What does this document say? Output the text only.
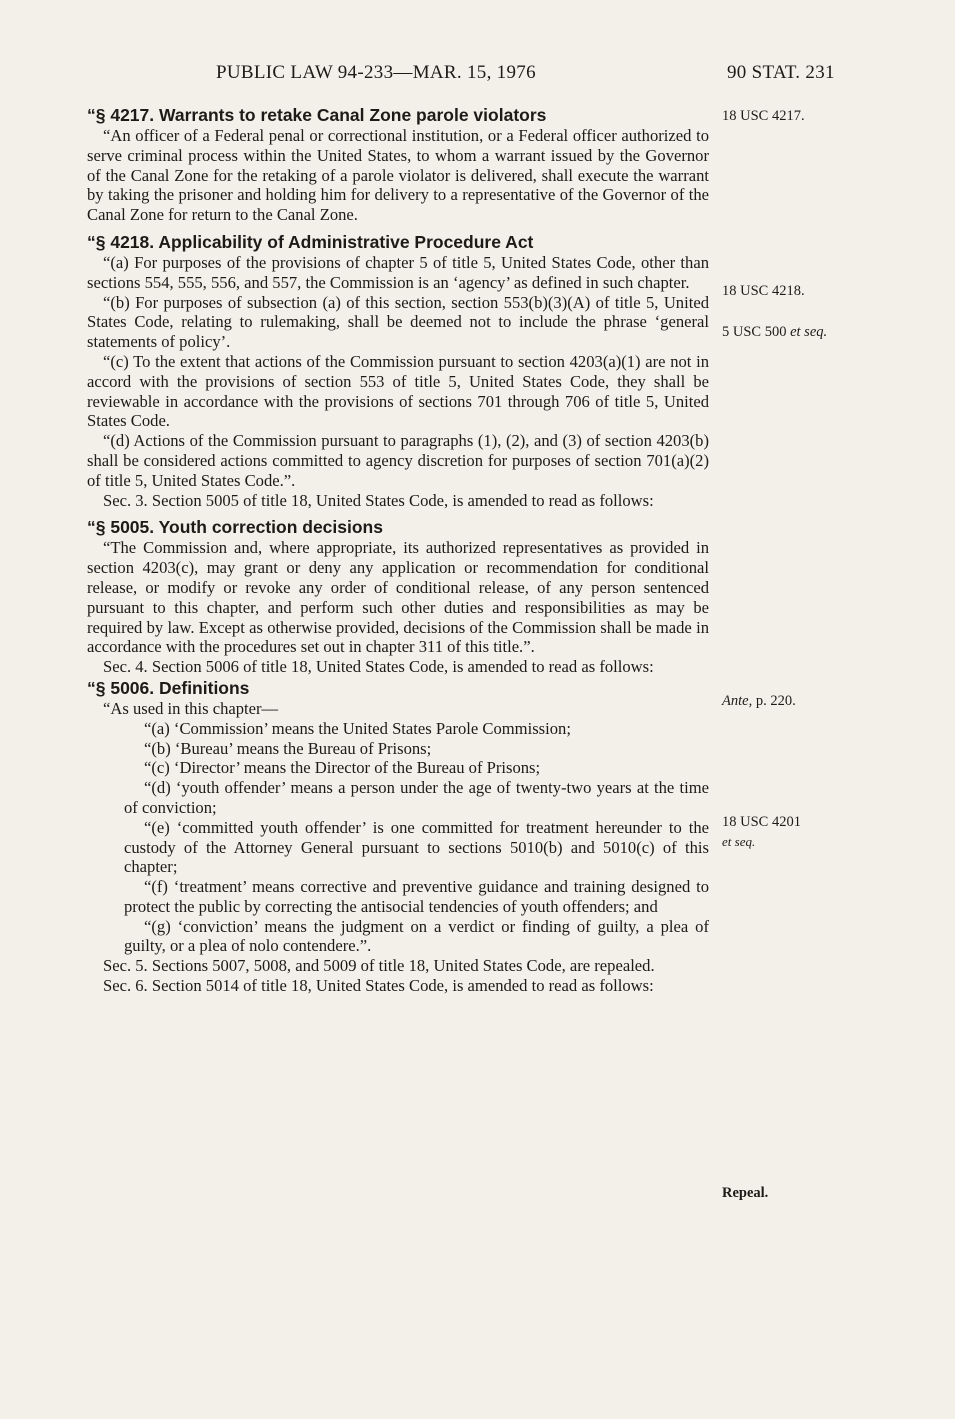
PUBLIC LAW 94-233—MAR. 15, 1976	90 STAT. 231

“§ 4217. Warrants to retake Canal Zone parole violators

“An officer of a Federal penal or correctional institution, or a Federal officer authorized to serve criminal process within the United States, to whom a warrant issued by the Governor of the Canal Zone for the retaking of a parole violator is delivered, shall execute the warrant by taking the prisoner and holding him for delivery to a representative of the Governor of the Canal Zone for return to the Canal Zone.

“§ 4218. Applicability of Administrative Procedure Act

“(a) For purposes of the provisions of chapter 5 of title 5, United States Code, other than sections 554, 555, 556, and 557, the Commission is an ‘agency’ as defined in such chapter.

“(b) For purposes of subsection (a) of this section, section 553(b)(3)(A) of title 5, United States Code, relating to rulemaking, shall be deemed not to include the phrase ‘general statements of policy’.

“(c) To the extent that actions of the Commission pursuant to section 4203(a)(1) are not in accord with the provisions of section 553 of title 5, United States Code, they shall be reviewable in accordance with the provisions of sections 701 through 706 of title 5, United States Code.

“(d) Actions of the Commission pursuant to paragraphs (1), (2), and (3) of section 4203(b) shall be considered actions committed to agency discretion for purposes of section 701(a)(2) of title 5, United States Code.”.

Sec. 3. Section 5005 of title 18, United States Code, is amended to read as follows:

“§ 5005. Youth correction decisions

“The Commission and, where appropriate, its authorized representatives as provided in section 4203(c), may grant or deny any application or recommendation for conditional release, or modify or revoke any order of conditional release, of any person sentenced pursuant to this chapter, and perform such other duties and responsibilities as may be required by law. Except as otherwise provided, decisions of the Commission shall be made in accordance with the procedures set out in chapter 311 of this title.”.

Sec. 4. Section 5006 of title 18, United States Code, is amended to read as follows:

“§ 5006. Definitions

“As used in this chapter—

“(a) ‘Commission’ means the United States Parole Commission;

“(b) ‘Bureau’ means the Bureau of Prisons;

“(c) ‘Director’ means the Director of the Bureau of Prisons;

“(d) ‘youth offender’ means a person under the age of twenty-two years at the time of conviction;

“(e) ‘committed youth offender’ is one committed for treatment hereunder to the custody of the Attorney General pursuant to sections 5010(b) and 5010(c) of this chapter;

“(f) ‘treatment’ means corrective and preventive guidance and training designed to protect the public by correcting the antisocial tendencies of youth offenders; and

“(g) ‘conviction’ means the judgment on a verdict or finding of guilty, a plea of guilty, or a plea of nolo contendere.”.

Sec. 5. Sections 5007, 5008, and 5009 of title 18, United States Code, are repealed.

Sec. 6. Section 5014 of title 18, United States Code, is amended to read as follows:

18 USC 4217.
18 USC 4218.
5 USC 500 et seq.
Ante, p. 220.
18 USC 4201
et seq.
Repeal.
